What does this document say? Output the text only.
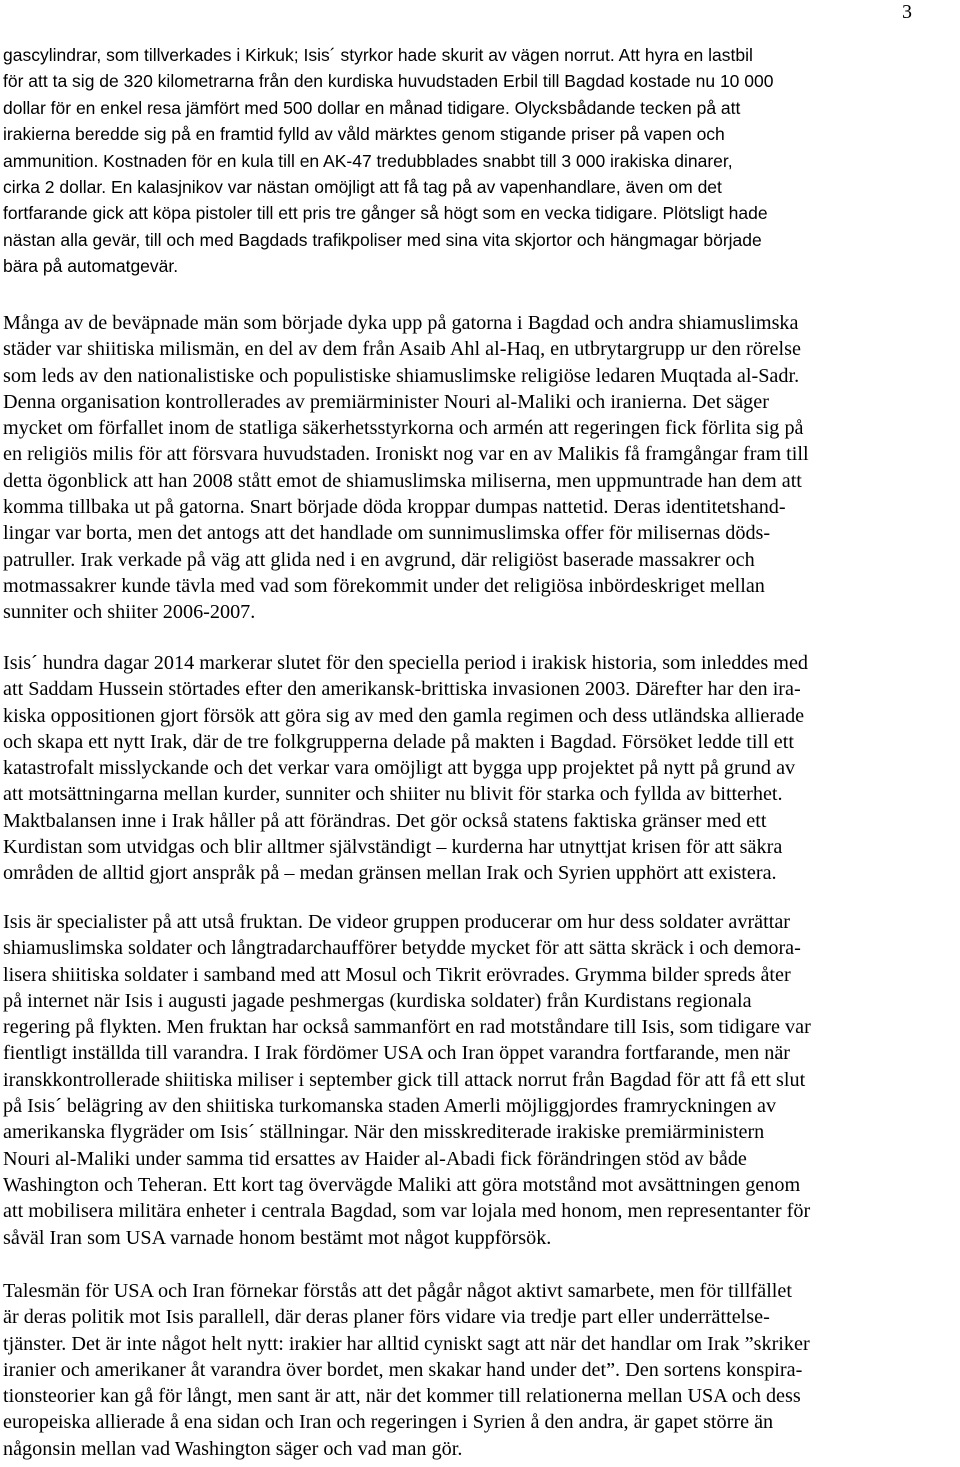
3

gascylindrar, som tillverkades i Kirkuk; Isis´ styrkor hade skurit av vägen norrut. Att hyra en lastbil
för att ta sig de 320 kilometrarna från den kurdiska huvudstaden Erbil till Bagdad kostade nu 10 000
dollar för en enkel resa jämfört med 500 dollar en månad tidigare. Olycksbådande tecken på att
irakierna beredde sig på en framtid fylld av våld märktes genom stigande priser på vapen och
ammunition. Kostnaden för en kula till en AK-47 tredubblades snabbt till 3 000 irakiska dinarer,
cirka 2 dollar. En kalasjnikov var nästan omöjligt att få tag på av vapenhandlare, även om det
fortfarande gick att köpa pistoler till ett pris tre gånger så högt som en vecka tidigare. Plötsligt hade
nästan alla gevär, till och med Bagdads trafikpoliser med sina vita skjortor och hängmagar började
bära på automatgevär.

Många av de beväpnade män som började dyka upp på gatorna i Bagdad och andra shiamuslimska
städer var shiitiska milismän, en del av dem från Asaib Ahl al-Haq, en utbrytargrupp ur den rörelse
som leds av den nationalistiske och populistiske shiamuslimske religiöse ledaren Muqtada al-Sadr.
Denna organisation kontrollerades av premiärminister Nouri al-Maliki och iranierna. Det säger
mycket om förfallet inom de statliga säkerhetsstyrkorna och armén att regeringen fick förlita sig på
en religiös milis för att försvara huvudstaden. Ironiskt nog var en av Malikis få framgångar fram till
detta ögonblick att han 2008 stått emot de shiamuslimska miliserna, men uppmuntrade han dem att
komma tillbaka ut på gatorna. Snart började döda kroppar dumpas nattetid. Deras identitetshand-
lingar var borta, men det antogs att det handlade om sunnimuslimska offer för milisernas döds-
patruller. Irak verkade på väg att glida ned i en avgrund, där religiöst baserade massakrer och
motmassakrer kunde tävla med vad som förekommit under det religiösa inbördeskriget mellan
sunniter och shiiter 2006-2007.

Isis´ hundra dagar 2014 markerar slutet för den speciella period i irakisk historia, som inleddes med
att Saddam Hussein störtades efter den amerikansk-brittiska invasionen 2003. Därefter har den ira-
kiska oppositionen gjort försök att göra sig av med den gamla regimen och dess utländska allierade
och skapa ett nytt Irak, där de tre folkgrupperna delade på makten i Bagdad. Försöket ledde till ett
katastrofalt misslyckande och det verkar vara omöjligt att bygga upp projektet på nytt på grund av
att motsättningarna mellan kurder, sunniter och shiiter nu blivit för starka och fyllda av bitterhet.
Maktbalansen inne i Irak håller på att förändras. Det gör också statens faktiska gränser med ett
Kurdistan som utvidgas och blir alltmer självständigt – kurderna har utnyttjat krisen för att säkra
områden de alltid gjort anspråk på – medan gränsen mellan Irak och Syrien upphört att existera.

Isis är specialister på att utså fruktan. De videor gruppen producerar om hur dess soldater avrättar
shiamuslimska soldater och långtradarchaufförer betydde mycket för att sätta skräck i och demora-
lisera shiitiska soldater i samband med att Mosul och Tikrit erövrades. Grymma bilder spreds åter
på internet när Isis i augusti jagade peshmergas (kurdiska soldater) från Kurdistans regionala
regering på flykten. Men fruktan har också sammanfört en rad motståndare till Isis, som tidigare var
fientligt inställda till varandra. I Irak fördömer USA och Iran öppet varandra fortfarande, men när
iranskkontrollerade shiitiska miliser i september gick till attack norrut från Bagdad för att få ett slut
på Isis´ belägring av den shiitiska turkomanska staden Amerli möjliggjordes framryckningen av
amerikanska flygräder om Isis´ ställningar. När den misskrediterade irakiske premiärministern
Nouri al-Maliki under samma tid ersattes av Haider al-Abadi fick förändringen stöd av både
Washington och Teheran. Ett kort tag övervägde Maliki att göra motstånd mot avsättningen genom
att mobilisera militära enheter i centrala Bagdad, som var lojala med honom, men representanter för
såväl Iran som USA varnade honom bestämt mot något kuppförsök.

Talesmän för USA och Iran förnekar förstås att det pågår något aktivt samarbete, men för tillfället
är deras politik mot Isis parallell, där deras planer förs vidare via tredje part eller underrättelse-
tjänster. Det är inte något helt nytt: irakier har alltid cyniskt sagt att när det handlar om Irak ”skriker
iranier och amerikaner åt varandra över bordet, men skakar hand under det”. Den sortens konspira-
tionsteorier kan gå för långt, men sant är att, när det kommer till relationerna mellan USA och dess
europeiska allierade å ena sidan och Iran och regeringen i Syrien å den andra, är gapet större än
någonsin mellan vad Washington säger och vad man gör.
